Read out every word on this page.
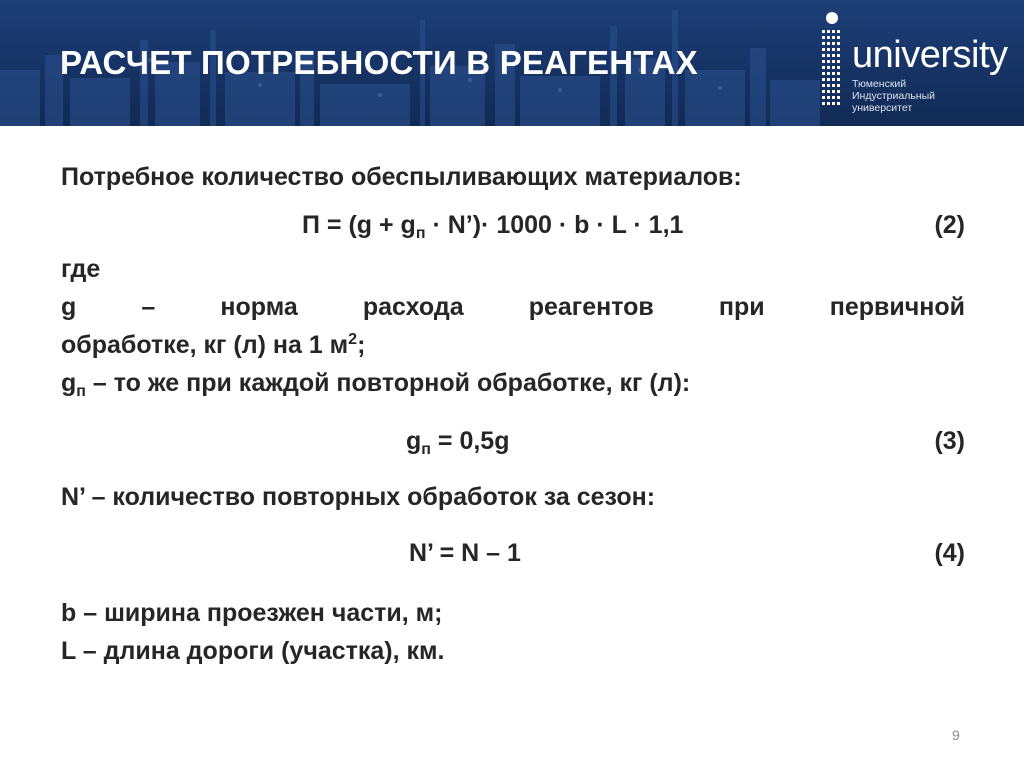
РАСЧЕТ ПОТРЕБНОСТИ В РЕАГЕНТАХ	university
Тюменский
Индустриальный
университет
Потребное количество обеспыливающих материалов:
$П = (g + g_п$ · N’)· 1000 · b · L · 1,1	(2)
где
g – норма расхода реагентов при первичной
обработке, кг (л) на 1 $м^2$;
$g_п$ – то же при каждой повторной обработке, кг (л):
$g_п = 0,5g$	(3)
N’ – количество повторных обработок за сезон:
N’ = N – 1	(4)
b – ширина проезжен части, м;
L – длина дороги (участка), км.
9
